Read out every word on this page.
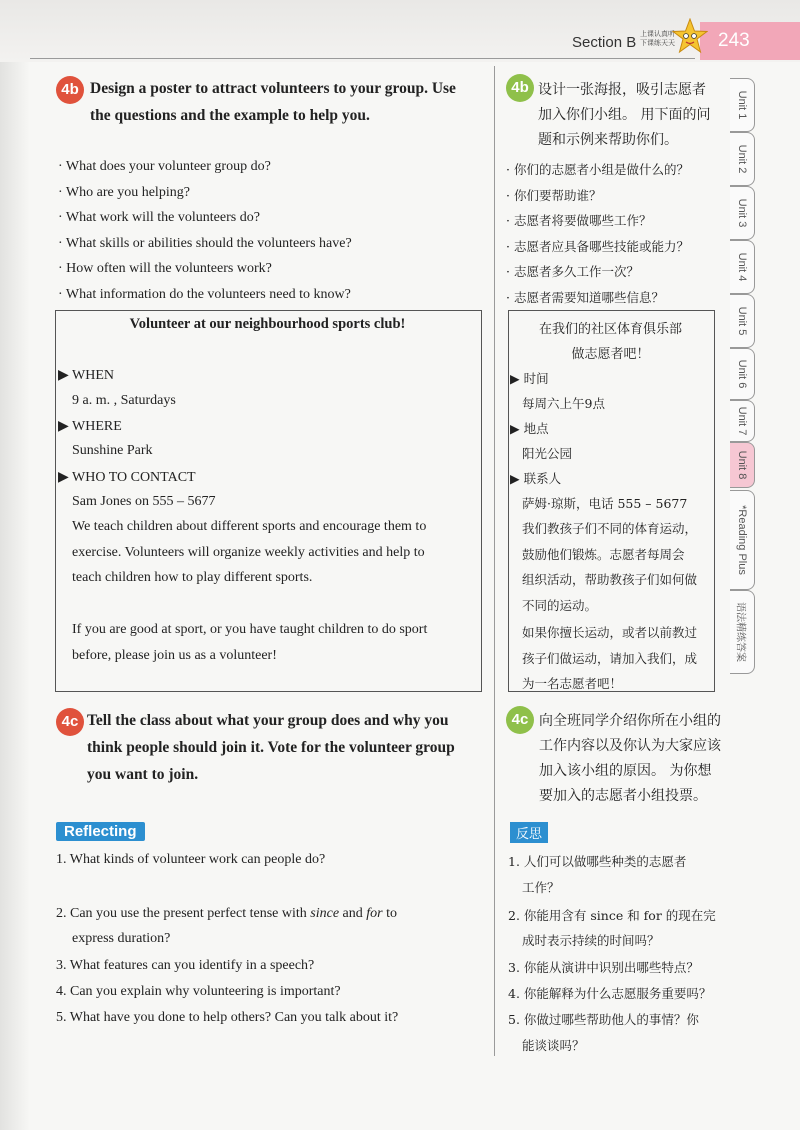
Section B 上课认真听
下课练天天 243
Unit 1
Unit 2
Unit 3
Unit 4
Unit 5
Unit 6
Unit 7
Unit 8
*Reading Plus
语法精练答案
4b Design a poster to attract volunteers to your group. Use
the questions and the example to help you.
· What does your volunteer group do?
· Who are you helping?
· What work will the volunteers do?
· What skills or abilities should the volunteers have?
· How often will the volunteers work?
· What information do the volunteers need to know?
Volunteer at our neighbourhood sports club!
▶ WHEN
9 a. m. , Saturdays
▶ WHERE
Sunshine Park
▶ WHO TO CONTACT
Sam Jones on 555 – 5677
We teach children about different sports and encourage them to
exercise. Volunteers will organize weekly activities and help to
teach children how to play different sports.
If you are good at sport, or you have taught children to do sport
before, please join us as a volunteer!
4b 设计一张海报，吸引志愿者
加入你们小组。 用下面的问
题和示例来帮助你们。
· 你们的志愿者小组是做什么的？
· 你们要帮助谁？
· 志愿者将要做哪些工作？
· 志愿者应具备哪些技能或能力？
· 志愿者多久工作一次？
· 志愿者需要知道哪些信息？
在我们的社区体育俱乐部
做志愿者吧！
▶ 时间
每周六上午9点
▶ 地点
阳光公园
▶ 联系人
萨姆·琼斯，电话 555 – 5677
我们教孩子们不同的体育运动，
鼓励他们锻炼。志愿者每周会
组织活动，帮助教孩子们如何做
不同的运动。
如果你擅长运动，或者以前教过
孩子们做运动，请加入我们，成
为一名志愿者吧！
4c Tell the class about what your group does and why you
think people should join it. Vote for the volunteer group
you want to join.
4c 向全班同学介绍你所在小组的
工作内容以及你认为大家应该
加入该小组的原因。 为你想
要加入的志愿者小组投票。
Reflecting
1. What kinds of volunteer work can people do?
2. Can you use the present perfect tense with since and for to
express duration?
3. What features can you identify in a speech?
4. Can you explain why volunteering is important?
5. What have you done to help others? Can you talk about it?
反思
1. 人们可以做哪些种类的志愿者
工作？
2. 你能用含有 since 和 for 的现在完
成时表示持续的时间吗？
3. 你能从演讲中识别出哪些特点？
4. 你能解释为什么志愿服务重要吗？
5. 你做过哪些帮助他人的事情？你
能谈谈吗？
